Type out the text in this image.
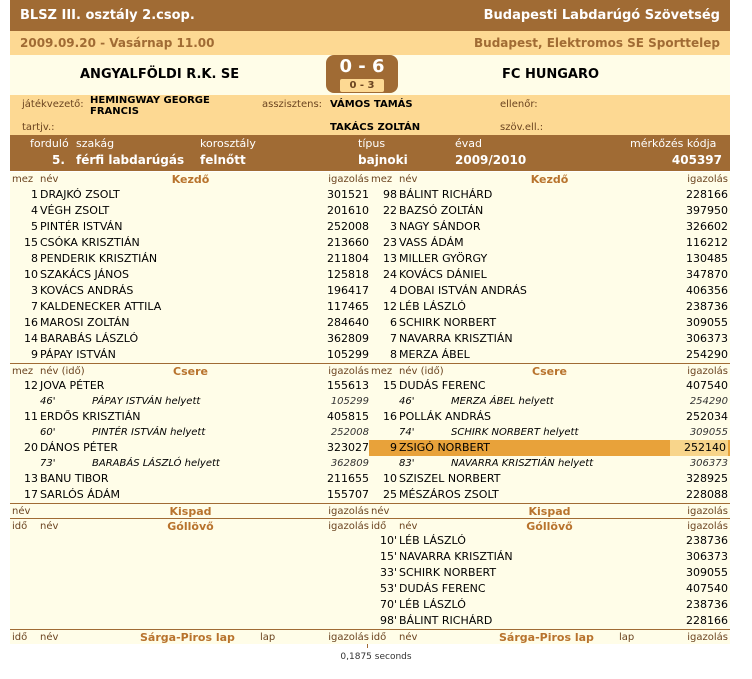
BLSZ III. osztály 2.csop.	Budapesti Labdarúgó Szövetség
2009.09.20 - Vasárnap 11.00	Budapest, Elektromos SE Sporttelep
ANGYALFÖLDI R.K. SE	0 - 6
0 - 3
FC HUNGARO
játékvezető: HEMINGWAY GEORGE FRANCIS
asszisztens: VÁMOS TAMÁS	ellenőr:
tartjv.:	TAKÁCS ZOLTÁN	szöv.ell.:
forduló szakág	korosztály	típus	évad	mérkőzés kódja
5. férfi labdarúgás felnőtt	bajnoki	2009/2010	405397
mez név	igazolás
Kezdő
1 DRAJKÓ ZSOLT	301521
4 VÉGH ZSOLT	201610
5 PINTÉR ISTVÁN	252008
15 CSÓKA KRISZTIÁN	213660
8 PENDERIK KRISZTIÁN	211804
10 SZAKÁCS JÁNOS	125818
3 KOVÁCS ANDRÁS	196417
7 KALDENECKER ATTILA	117465
16 MAROSI ZOLTÁN	284640
14 BARABÁS LÁSZLÓ	362809
9 PÁPAY ISTVÁN	105299
mez név (idő)	igazolás
Csere
12 JOVA PÉTER	155613
46'	PÁPAY ISTVÁN helyett	105299
11 ERDŐS KRISZTIÁN	405815
60'	PINTÉR ISTVÁN helyett	252008
20 DÁNOS PÉTER	323027
73'	BARABÁS LÁSZLÓ helyett	362809
13 BANU TIBOR	211655
17 SARLÓS ÁDÁM	155707
név	igazolás
Kispad
idő név	igazolás
Góllövő
idő név	lap	igazolás
Sárga-Piros lap
mez név	igazolás
Kezdő
98 BÁLINT RICHÁRD	228166
22 BAZSÓ ZOLTÁN	397950
3 NAGY SÁNDOR	326602
23 VASS ÁDÁM	116212
13 MILLER GYÖRGY	130485
24 KOVÁCS DÁNIEL	347870
4 DOBAI ISTVÁN ANDRÁS	406356
12 LÉB LÁSZLÓ	238736
6 SCHIRK NORBERT	309055
7 NAVARRA KRISZTIÁN	306373
8 MERZA ÁBEL	254290
mez név (idő)	igazolás
Csere
15 DUDÁS FERENC	407540
46'	MERZA ÁBEL helyett	254290
16 POLLÁK ANDRÁS	252034
74'	SCHIRK NORBERT helyett	309055
9 ZSIGÓ NORBERT	252140
83'	NAVARRA KRISZTIÁN helyett	306373
10 SZISZEL NORBERT	328925
25 MÉSZÁROS ZSOLT	228088
név	igazolás
Kispad
idő név	igazolás
Góllövő
10' LÉB LÁSZLÓ	238736
15' NAVARRA KRISZTIÁN	306373
33' SCHIRK NORBERT	309055
53' DUDÁS FERENC	407540
70' LÉB LÁSZLÓ	238736
98' BÁLINT RICHÁRD	228166
idő név	lap	igazolás
Sárga-Piros lap
0,1875 seconds
